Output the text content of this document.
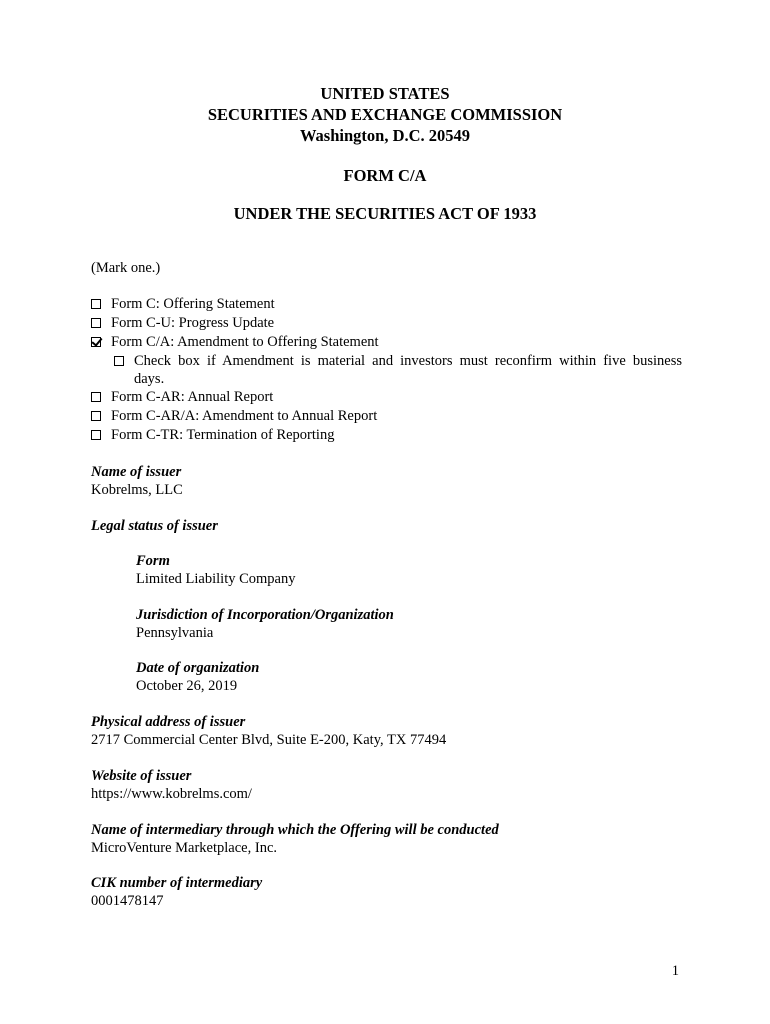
UNITED STATES
SECURITIES AND EXCHANGE COMMISSION
Washington, D.C. 20549
FORM C/A
UNDER THE SECURITIES ACT OF 1933
(Mark one.)
Form C: Offering Statement
Form C-U: Progress Update
Form C/A: Amendment to Offering Statement
Check box if Amendment is material and investors must reconfirm within five business days.
Form C-AR: Annual Report
Form C-AR/A: Amendment to Annual Report
Form C-TR: Termination of Reporting
Name of issuer
Kobrelms, LLC
Legal status of issuer
Form
Limited Liability Company
Jurisdiction of Incorporation/Organization
Pennsylvania
Date of organization
October 26, 2019
Physical address of issuer
2717 Commercial Center Blvd, Suite E-200, Katy, TX 77494
Website of issuer
https://www.kobrelms.com/
Name of intermediary through which the Offering will be conducted
MicroVenture Marketplace, Inc.
CIK number of intermediary
0001478147
1
